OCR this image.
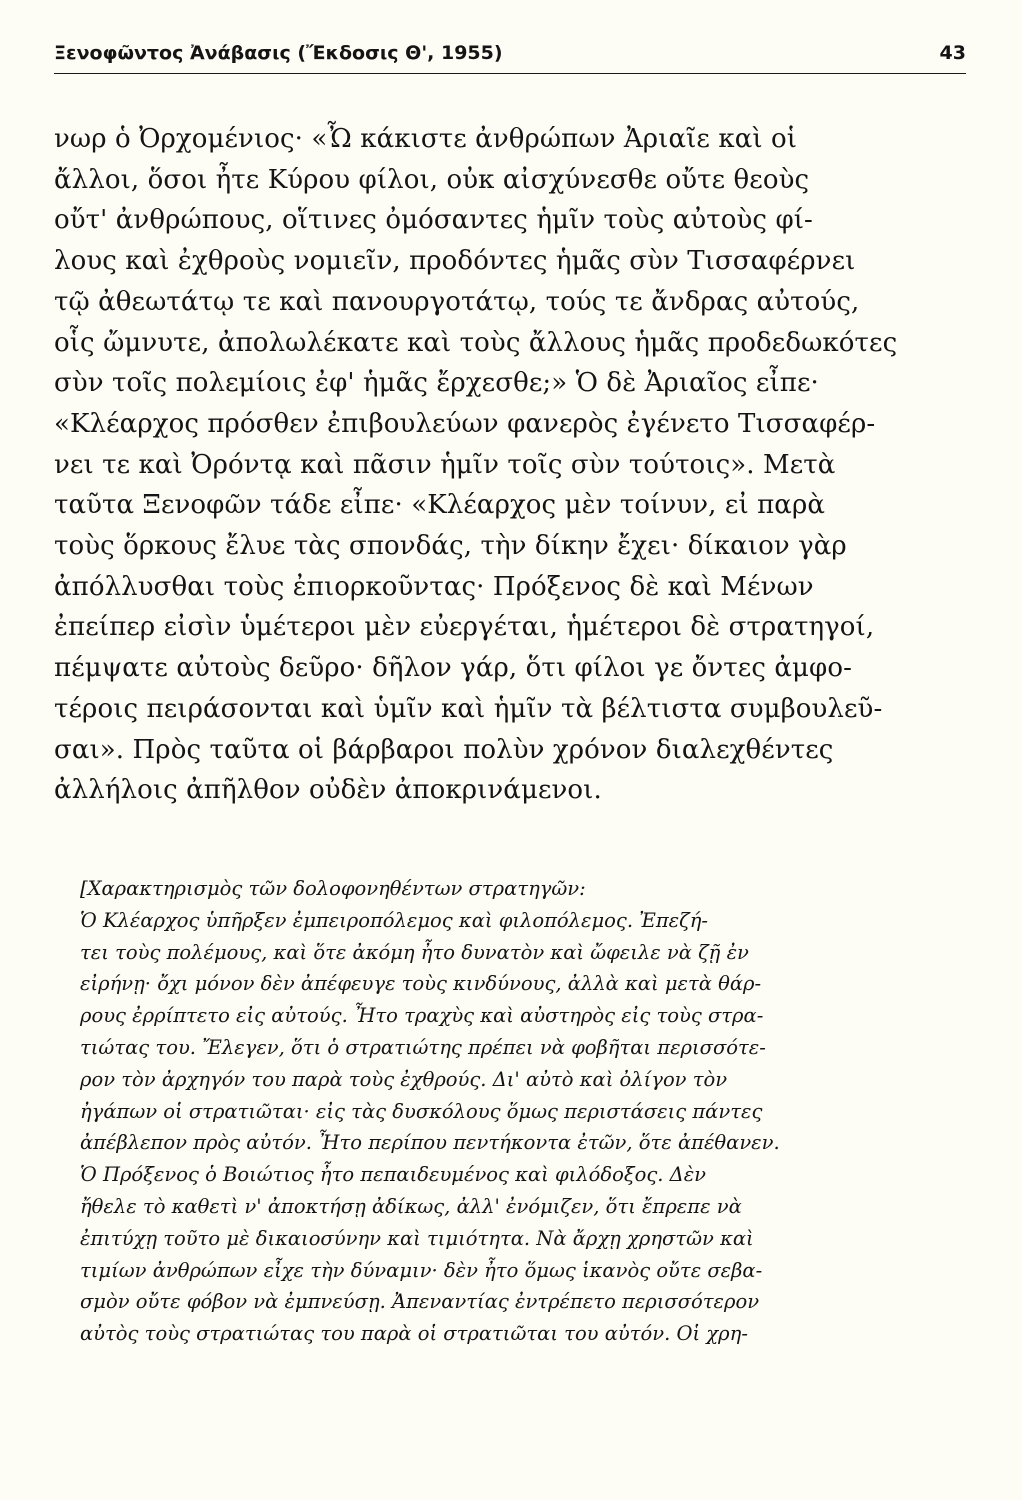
Ξενοφῶντος Ἀνάβασις (Ἔκδοσις Θ', 1955)	43
νωρ ὁ Ὀρχομένιος· «Ὦ κάκιστε ἀνθρώπων Ἀριαῖε καὶ οἱ
ἄλλοι, ὅσοι ἦτε Κύρου φίλοι, οὐκ αἰσχύνεσθε οὔτε θεοὺς
οὔτ' ἀνθρώπους, οἵτινες ὀμόσαντες ἡμῖν τοὺς αὐτοὺς φί-
λους καὶ ἐχθροὺς νομιεῖν, προδόντες ἡμᾶς σὺν Τισσαφέρνει
τῷ ἀθεωτάτῳ τε καὶ πανουργοτάτῳ, τούς τε ἄνδρας αὐτούς,
οἷς ὤμνυτε, ἀπολωλέκατε καὶ τοὺς ἄλλους ἡμᾶς προδεδωκότες
σὺν τοῖς πολεμίοις ἐφ' ἡμᾶς ἔρχεσθε;» Ὁ δὲ Ἀριαῖος εἶπε·
«Κλέαρχος πρόσθεν ἐπιβουλεύων φανερὸς ἐγένετο Τισσαφέρ-
νει τε καὶ Ὀρόντᾳ καὶ πᾶσιν ἡμῖν τοῖς σὺν τούτοις». Μετὰ
ταῦτα Ξενοφῶν τάδε εἶπε· «Κλέαρχος μὲν τοίνυν, εἰ παρὰ
τοὺς ὅρκους ἔλυε τὰς σπονδάς, τὴν δίκην ἔχει· δίκαιον γὰρ
ἀπόλλυσθαι τοὺς ἐπιορκοῦντας· Πρόξενος δὲ καὶ Μένων
ἐπείπερ εἰσὶν ὑμέτεροι μὲν εὐεργέται, ἡμέτεροι δὲ στρατηγοί,
πέμψατε αὐτοὺς δεῦρο· δῆλον γάρ, ὅτι φίλοι γε ὄντες ἀμφο-
τέροις πειράσονται καὶ ὑμῖν καὶ ἡμῖν τὰ βέλτιστα συμβουλεῦ-
σαι». Πρὸς ταῦτα οἱ βάρβαροι πολὺν χρόνον διαλεχθέντες
ἀλλήλοις ἀπῆλθον οὐδὲν ἀποκρινάμενοι.
[Χαρακτηρισμὸς τῶν δολοφονηθέντων στρατηγῶν:
Ὁ Κλέαρχος ὑπῆρξεν ἐμπειροπόλεμος καὶ φιλοπόλεμος. Ἐπεζή-
τει τοὺς πολέμους, καὶ ὅτε ἀκόμη ἦτο δυνατὸν καὶ ὤφειλε νὰ ζῇ ἐν
εἰρήνῃ· ὄχι μόνον δὲν ἀπέφευγε τοὺς κινδύνους, ἀλλὰ καὶ μετὰ θάρ-
ρους ἐρρίπτετο εἰς αὐτούς. Ἦτο τραχὺς καὶ αὐστηρὸς εἰς τοὺς στρα-
τιώτας του. Ἔλεγεν, ὅτι ὁ στρατιώτης πρέπει νὰ φοβῆται περισσότε-
ρον τὸν ἀρχηγόν του παρὰ τοὺς ἐχθρούς. Δι' αὐτὸ καὶ ὀλίγον τὸν
ἠγάπων οἱ στρατιῶται· εἰς τὰς δυσκόλους ὅμως περιστάσεις πάντες
ἀπέβλεπον πρὸς αὐτόν. Ἦτο περίπου πεντήκοντα ἐτῶν, ὅτε ἀπέθανεν.
Ὁ Πρόξενος ὁ Βοιώτιος ἦτο πεπαιδευμένος καὶ φιλόδοξος. Δὲν
ἤθελε τὸ καθετὶ ν' ἀποκτήσῃ ἀδίκως, ἀλλ' ἐνόμιζεν, ὅτι ἔπρεπε νὰ
ἐπιτύχῃ τοῦτο μὲ δικαιοσύνην καὶ τιμιότητα. Νὰ ἄρχῃ χρηστῶν καὶ
τιμίων ἀνθρώπων εἶχε τὴν δύναμιν· δὲν ἦτο ὅμως ἱκανὸς οὔτε σεβα-
σμὸν οὔτε φόβον νὰ ἐμπνεύσῃ. Ἀπεναντίας ἐντρέπετο περισσότερον
αὐτὸς τοὺς στρατιώτας του παρὰ οἱ στρατιῶται του αὐτόν. Οἱ χρη-
